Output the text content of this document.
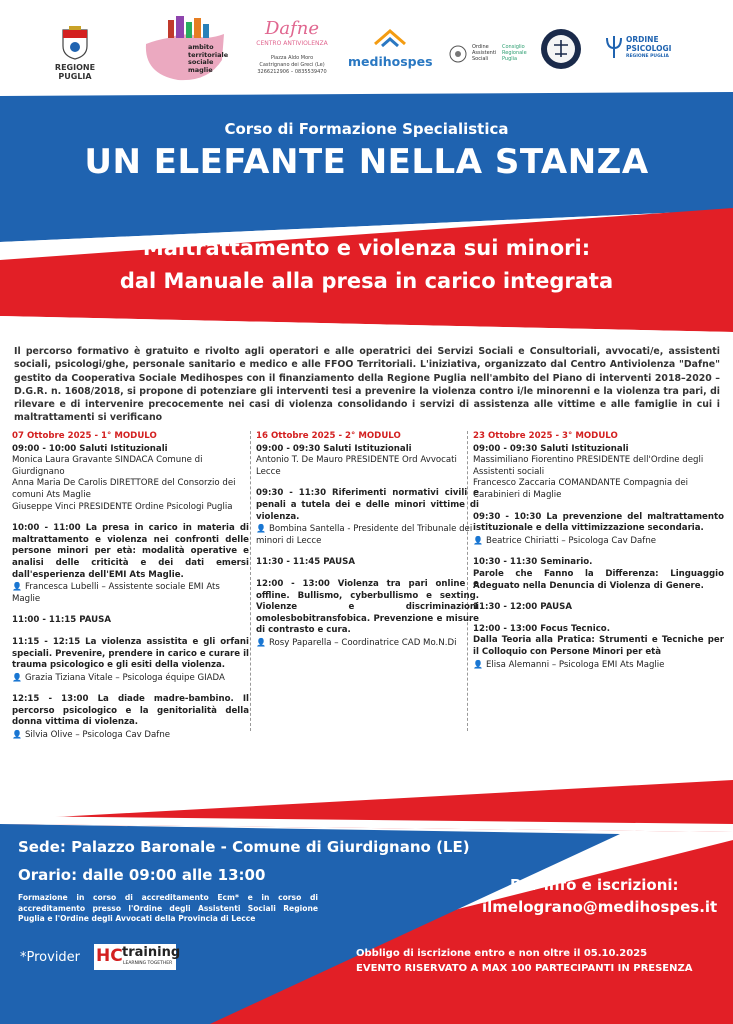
REGIONE PUGLIA
ambito
territoriale
sociale
maglie
Dafne
CENTRO ANTIVIOLENZA
Piazza Aldo Moro
Castrignano dei Greci (Le)
3266212906 – 0835539470
medihospes
Ordine
Assistenti
Sociali
Consiglio
Regionale
Puglia
ORDINE
PSICOLOGI
REGIONE PUGLIA
Corso di Formazione Specialistica
UN ELEFANTE NELLA STANZA
Maltrattamento e violenza sui minori:
dal Manuale alla presa in carico integrata
Il percorso formativo è gratuito e rivolto agli operatori e alle operatrici dei Servizi Sociali e Consultoriali, avvocati/e, assistenti sociali, psicologi/ghe, personale sanitario e medico e alle FFOO Territoriali. L'iniziativa, organizzato dal Centro Antiviolenza "Dafne" gestito da Cooperativa Sociale Medihospes con il finanziamento della Regione Puglia nell'ambito del Piano di interventi 2018–2020 – D.G.R. n. 1608/2018, si propone di potenziare gli interventi tesi a prevenire la violenza contro i/le minorenni e la violenza tra pari, di rilevare e di intervenire precocemente nei casi di violenza consolidando i servizi di assistenza alle vittime e alle famiglie in cui i maltrattamenti si verificano
07 Ottobre 2025 - 1° MODULO
09:00 - 10:00 Saluti Istituzionali
Monica Laura Gravante SINDACA Comune di Giurdignano
Anna Maria De Carolis DIRETTORE del Consorzio dei comuni Ats Maglie
Giuseppe Vinci PRESIDENTE Ordine Psicologi Puglia
10:00 - 11:00 La presa in carico in materia di maltrattamento e violenza nei confronti delle persone minori per età: modalità operative e analisi delle criticità e dei dati emersi dall'esperienza dell'EMI Ats Maglie.
👤 Francesca Lubelli – Assistente sociale EMI Ats Maglie
11:00 - 11:15 PAUSA
11:15 - 12:15 La violenza assistita e gli orfani speciali. Prevenire, prendere in carico e curare il trauma psicologico e gli esiti della violenza.
👤 Grazia Tiziana Vitale – Psicologa équipe GIADA
12:15 - 13:00 La diade madre-bambino. Il percorso psicologico e la genitorialità della donna vittima di violenza.
👤 Silvia Olive – Psicologa Cav Dafne
16 Ottobre 2025 - 2° MODULO
09:00 - 09:30 Saluti Istituzionali
Antonio T. De Mauro PRESIDENTE Ord Avvocati Lecce
09:30 - 11:30 Riferimenti normativi civili e penali a tutela dei e delle minori vittime di violenza.
👤 Bombina Santella - Presidente del Tribunale dei minori di Lecce
11:30 - 11:45 PAUSA
12:00 - 13:00 Violenza tra pari online e offline. Bullismo, cyberbullismo e sexting. Violenze e discriminazioni omolesbobitransfobica. Prevenzione e misure di contrasto e cura.
👤 Rosy Paparella – Coordinatrice CAD Mo.N.Di
23 Ottobre 2025 - 3° MODULO
09:00 - 09:30 Saluti Istituzionali
Massimiliano Fiorentino PRESIDENTE dell'Ordine degli Assistenti sociali
Francesco Zaccaria COMANDANTE Compagnia dei Carabinieri di Maglie
09:30 - 10:30 La prevenzione del maltrattamento istituzionale e della vittimizzazione secondaria.
👤 Beatrice Chiriatti – Psicologa Cav Dafne
10:30 - 11:30 Seminario.
Parole che Fanno la Differenza: Linguaggio Adeguato nella Denuncia di Violenza di Genere.
11:30 - 12:00 PAUSA
12:00 - 13:00 Focus Tecnico.
Dalla Teoria alla Pratica: Strumenti e Tecniche per il Colloquio con Persone Minori per età
👤 Elisa Alemanni – Psicologa EMI Ats Maglie
Sede: Palazzo Baronale - Comune di Giurdignano (LE)
Orario: dalle 09:00 alle 13:00
Formazione in corso di accreditamento Ecm* e in corso di accreditamento presso l'Ordine degli Assistenti Sociali Regione Puglia e l'Ordine degli Avvocati della Provincia di Lecce
Per info e iscrizioni:
ilmelograno@medihospes.it
Obbligo di iscrizione entro e non oltre il 05.10.2025
EVENTO RISERVATO A MAX 100 PARTECIPANTI IN PRESENZA
*Provider HC training
LEARNING TOGETHER
